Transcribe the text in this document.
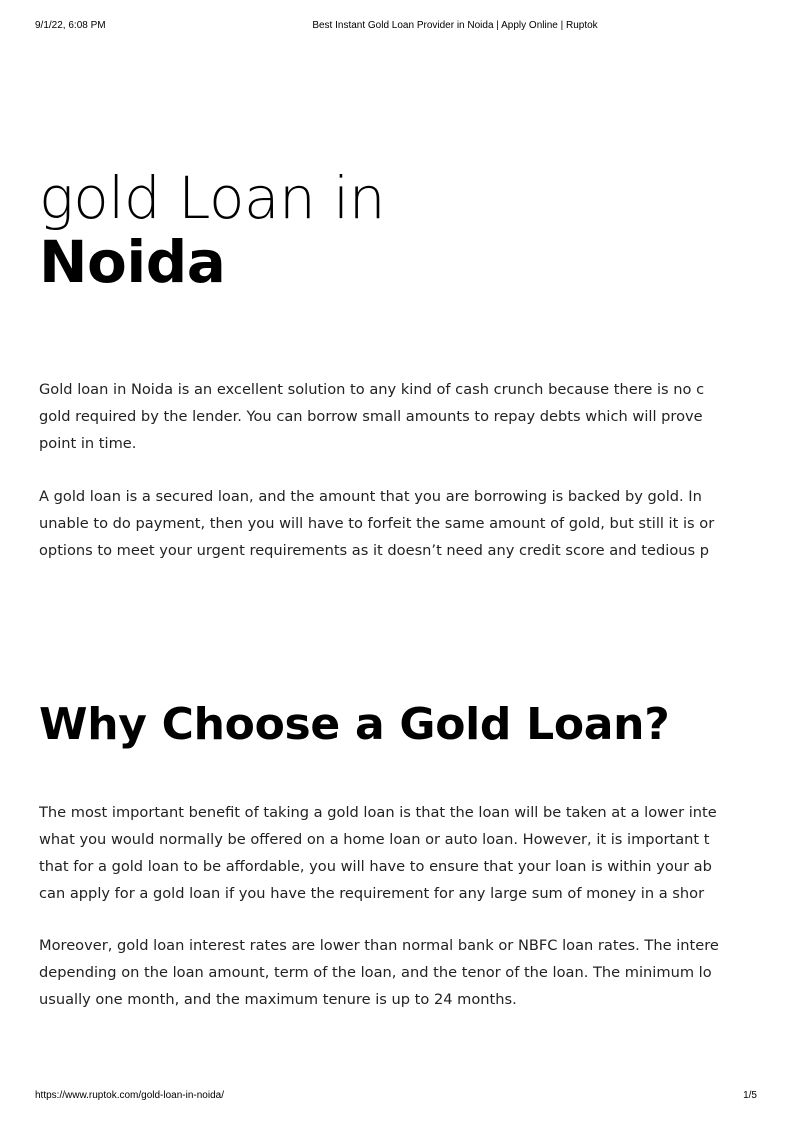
9/1/22, 6:08 PM	Best Instant Gold Loan Provider in Noida | Apply Online | Ruptok
gold Loan in
Noida

Gold loan in Noida is an excellent solution to any kind of cash crunch because there is no c
gold required by the lender. You can borrow small amounts to repay debts which will prove
point in time.

A gold loan is a secured loan, and the amount that you are borrowing is backed by gold. In
unable to do payment, then you will have to forfeit the same amount of gold, but still it is or
options to meet your urgent requirements as it doesn’t need any credit score and tedious p

Why Choose a Gold Loan?

The most important benefit of taking a gold loan is that the loan will be taken at a lower inte
what you would normally be offered on a home loan or auto loan. However, it is important t
that for a gold loan to be affordable, you will have to ensure that your loan is within your ab
can apply for a gold loan if you have the requirement for any large sum of money in a shor

Moreover, gold loan interest rates are lower than normal bank or NBFC loan rates. The intere
depending on the loan amount, term of the loan, and the tenor of the loan. The minimum lo
usually one month, and the maximum tenure is up to 24 months.

https://www.ruptok.com/gold-loan-in-noida/	1/5
